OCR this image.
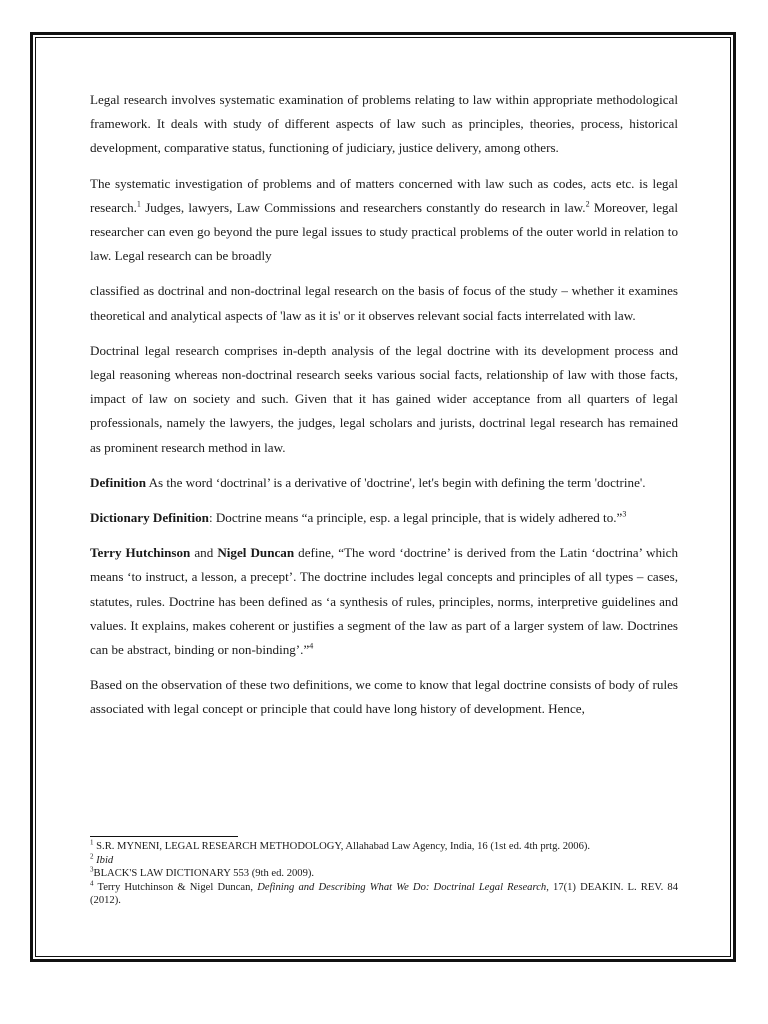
Legal research involves systematic examination of problems relating to law within appropriate methodological framework. It deals with study of different aspects of law such as principles, theories, process, historical development, comparative status, functioning of judiciary, justice delivery, among others.

The systematic investigation of problems and of matters concerned with law such as codes, acts etc. is legal research.$^1$ Judges, lawyers, Law Commissions and researchers constantly do research in law.$^2$ Moreover, legal researcher can even go beyond the pure legal issues to study practical problems of the outer world in relation to law. Legal research can be broadly

classified as doctrinal and non-doctrinal legal research on the basis of focus of the study – whether it examines theoretical and analytical aspects of 'law as it is' or it observes relevant social facts interrelated with law.

Doctrinal legal research comprises in-depth analysis of the legal doctrine with its development process and legal reasoning whereas non-doctrinal research seeks various social facts, relationship of law with those facts, impact of law on society and such. Given that it has gained wider acceptance from all quarters of legal professionals, namely the lawyers, the judges, legal scholars and jurists, doctrinal legal research has remained as prominent research method in law.

Definition As the word ‘doctrinal’ is a derivative of 'doctrine', let's begin with defining the term 'doctrine'.

Dictionary Definition: Doctrine means “a principle, esp. a legal principle, that is widely adhered to.”$^3$

Terry Hutchinson and Nigel Duncan define, “The word ‘doctrine’ is derived from the Latin ‘doctrina’ which means ‘to instruct, a lesson, a precept’. The doctrine includes legal concepts and principles of all types – cases, statutes, rules. Doctrine has been defined as ‘a synthesis of rules, principles, norms, interpretive guidelines and values. It explains, makes coherent or justifies a segment of the law as part of a larger system of law. Doctrines can be abstract, binding or non-binding’.”$^4$

Based on the observation of these two definitions, we come to know that legal doctrine consists of body of rules associated with legal concept or principle that could have long history of development. Hence,

$^1$ S.R. MYNENI, LEGAL RESEARCH METHODOLOGY, Allahabad Law Agency, India, 16 (1st ed. 4th prtg. 2006).
$^2$ Ibid
$^3$BLACK'S LAW DICTIONARY 553 (9th ed. 2009).
$^4$ Terry Hutchinson & Nigel Duncan, Defining and Describing What We Do: Doctrinal Legal Research, 17(1) DEAKIN. L. REV. 84 (2012).
